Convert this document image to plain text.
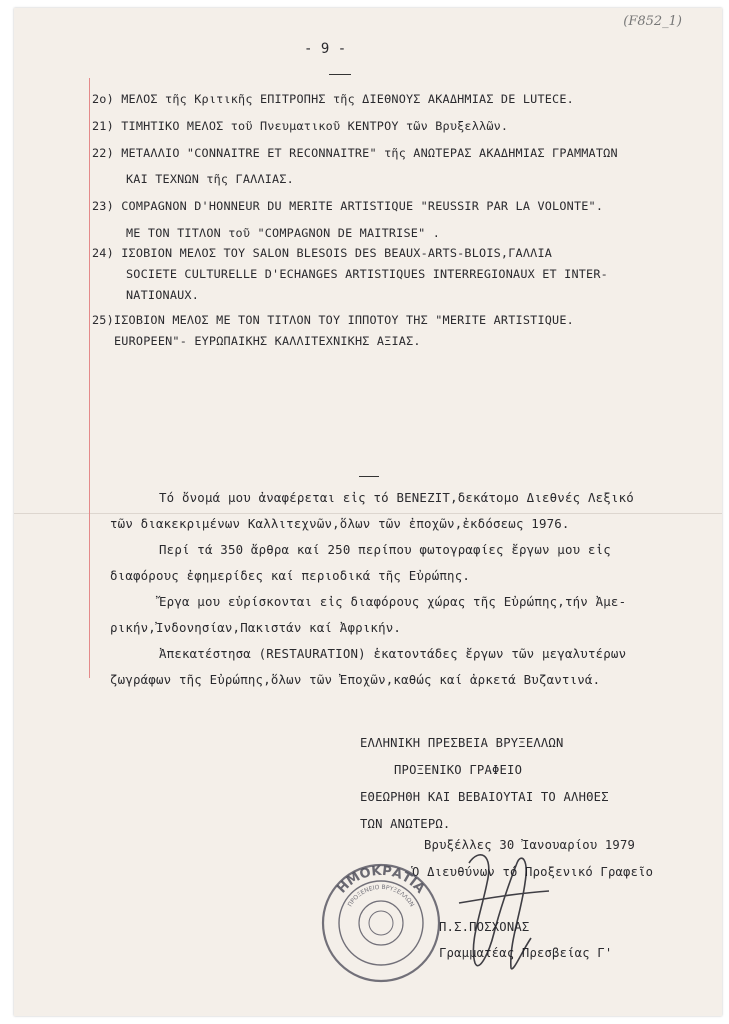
(F852_1)
- 9 -
2o) ΜΕΛΟΣ τῆς Κριτικῆς ΕΠΙΤΡΟΠΗΣ τῆς ΔΙΕΘΝΟΥΣ ΑΚΑΔΗΜΙΑΣ DE LUTECE.
21) ΤΙΜΗΤΙΚΟ ΜΕΛΟΣ τοῦ Πνευματικοῦ ΚΕΝΤΡΟΥ τῶν Βρυξελλῶν.
22) ΜΕΤΑΛΛΙΟ "CONNAITRE ET RECONNAITRE" τῆς ΑΝΩΤΕΡΑΣ ΑΚΑΔΗΜΙΑΣ ΓΡΑΜΜΑΤΩΝ
ΚΑΙ ΤΕΧΝΩΝ τῆς ΓΑΛΛΙΑΣ.
23) COMPAGNON D'HONNEUR DU MERITE ARTISTIQUE "REUSSIR PAR LA VOLONTE".
ΜΕ ΤΟΝ ΤΙΤΛΟΝ τοῦ "COMPAGNON DE MAITRISE" .
24) ΙΣΟΒΙΟΝ ΜΕΛΟΣ ΤΟΥ SALON BLESOIS DES BEAUX-ARTS-BLOIS,ΓΑΛΛΙΑ
SOCIETE CULTURELLE D'ECHANGES ARTISTIQUES INTERREGIONAUX ET INTER-
NATIONAUX.
25)ΙΣΟΒΙΟΝ ΜΕΛΟΣ ΜΕ ΤΟΝ ΤΙΤΛΟΝ ΤΟΥ ΙΠΠΟΤΟΥ ΤΗΣ "MERITE ARTISTIQUE.
EUROPEEN"- ΕΥΡΩΠΑΙΚΗΣ ΚΑΛΛΙΤΕΧΝΙΚΗΣ ΑΞΙΑΣ.
Τό ὄνομά μου ἀναφέρεται εἰς τό BENEZIT,δεκάτομο Διεθνές Λεξικό
τῶν διακεκριμένων Καλλιτεχνῶν,ὅλων τῶν ἐποχῶν,ἐκδόσεως 1976.
Περί τά 350 ἄρθρα καί 250 περίπου φωτογραφίες ἔργων μου εἰς
διαφόρους ἐφημερίδες καί περιοδικά τῆς Εὐρώπης.
Ἔργα μου εὑρίσκονται εἰς διαφόρους χώρας τῆς Εὐρώπης,τήν Ἀμε-
ρικήν,Ἰνδονησίαν,Πακιστάν καί Ἀφρικήν.
Ἀπεκατέστησα (RESTAURATION) ἑκατοντάδες ἔργων τῶν μεγαλυτέρων
ζωγράφων τῆς Εὐρώπης,ὅλων τῶν Ἐποχῶν,καθώς καί ἀρκετά Βυζαντινά.
ΕΛΛΗΝΙΚΗ ΠΡΕΣΒΕΙΑ ΒΡΥΞΕΛΛΩΝ
ΠΡΟΞΕΝΙΚΟ ΓΡΑΦΕΙΟ
ΕΘΕΩΡΗΘΗ ΚΑΙ ΒΕΒΑΙΟΥΤΑΙ ΤΟ ΑΛΗΘΕΣ
ΤΩΝ ΑΝΩΤΕΡΩ.
Βρυξέλλες 30 Ἰανουαρίου 1979
Ὁ Διευθύνων τό Προξενικό Γραφεῖο
Π.Σ.ΠΟΣΧΟΝΑΣ
Γραμματέας Πρεσβείας Γ'
ΗΜΟΚΡΑΤΙΑ
ΠΡΟΞΕΝΕΙΟ ΒΡΥΞΕΛΛΩΝ
